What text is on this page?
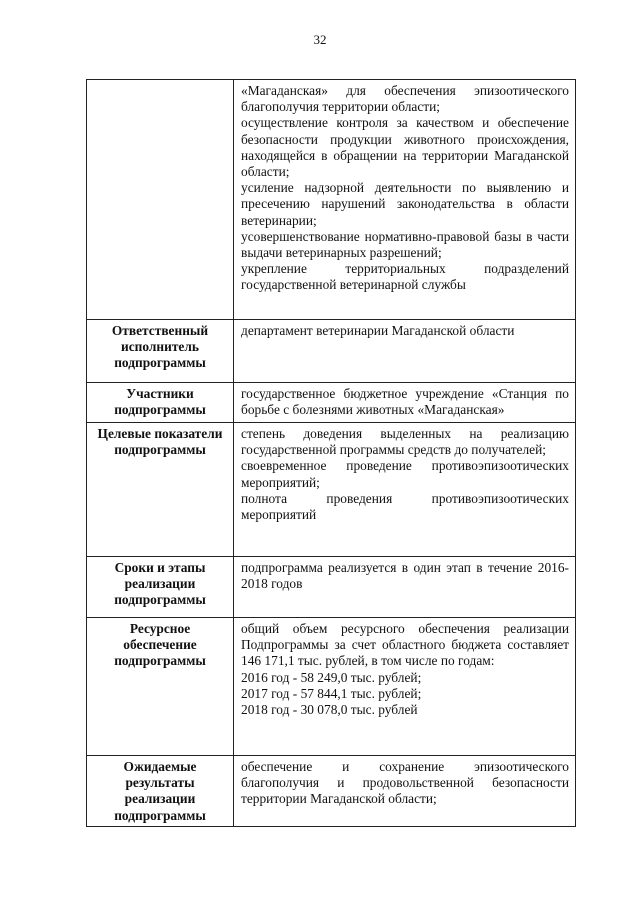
32

	«Магаданская» для обеспечения эпизоотического благополучия территории области;
осуществление контроля за качеством и обеспечение безопасности продукции животного происхождения, находящейся в обращении на территории Магаданской области;
усиление надзорной деятельности по выявлению и пресечению нарушений законодательства в области ветеринарии;
усовершенствование нормативно-правовой базы в части выдачи ветеринарных разрешений;
укрепление территориальных подразделений государственной ветеринарной службы

Ответственный исполнитель подпрограммы	департамент ветеринарии Магаданской области

Участники подпрограммы	государственное бюджетное учреждение «Станция по борьбе с болезнями животных «Магаданская»

Целевые показатели подпрограммы	степень доведения выделенных на реализацию государственной программы средств до получателей;
своевременное проведение противоэпизоотических мероприятий;
полнота проведения противоэпизоотических мероприятий

Сроки и этапы реализации подпрограммы	подпрограмма реализуется в один этап в течение 2016-2018 годов

Ресурсное обеспечение подпрограммы	общий объем ресурсного обеспечения реализации Подпрограммы за счет областного бюджета составляет 146 171,1 тыс. рублей, в том числе по годам:
2016 год - 58 249,0 тыс. рублей;
2017 год - 57 844,1 тыс. рублей;
2018 год - 30 078,0 тыс. рублей

Ожидаемые результаты реализации подпрограммы	обеспечение и сохранение эпизоотического благополучия и продовольственной безопасности территории Магаданской области;
